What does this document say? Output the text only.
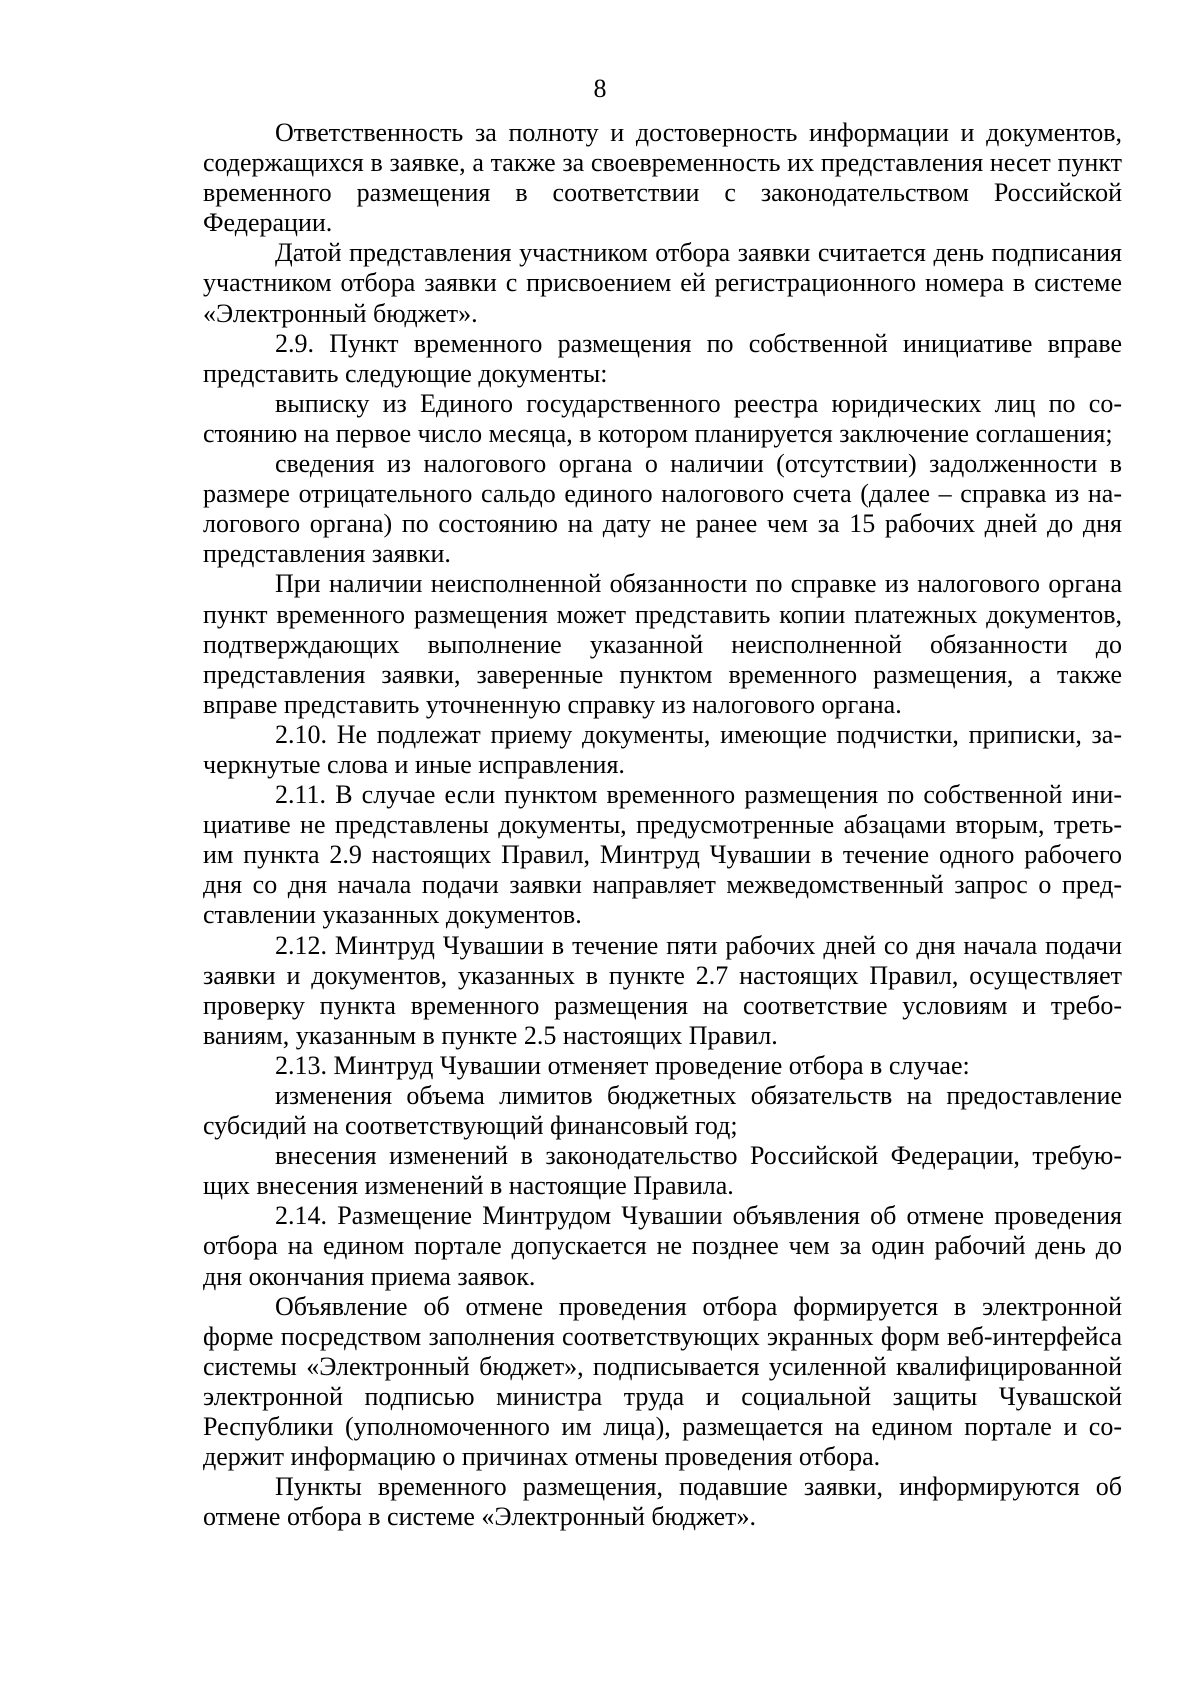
8

Ответственность за полноту и достоверность информации и документов, содержащихся в заявке, а также за своевременность их представления несет пункт временного размещения в соответствии с законодательством Российской Федерации.

Датой представления участником отбора заявки считается день подписания участником отбора заявки с присвоением ей регистрационного номера в системе «Электронный бюджет».

2.9. Пункт временного размещения по собственной инициативе вправе представить следующие документы:

выписку из Единого государственного реестра юридических лиц по состоянию на первое число месяца, в котором планируется заключение соглашения;

сведения из налогового органа о наличии (отсутствии) задолженности в размере отрицательного сальдо единого налогового счета (далее – справка из налогового органа) по состоянию на дату не ранее чем за 15 рабочих дней до дня представления заявки.

При наличии неисполненной обязанности по справке из налогового органа пункт временного размещения может представить копии платежных документов, подтверждающих выполнение указанной неисполненной обязанности до представления заявки, заверенные пунктом временного размещения, а также вправе представить уточненную справку из налогового органа.

2.10. Не подлежат приему документы, имеющие подчистки, приписки, зачеркнутые слова и иные исправления.

2.11. В случае если пунктом временного размещения по собственной инициативе не представлены документы, предусмотренные абзацами вторым, третьим пункта 2.9 настоящих Правил, Минтруд Чувашии в течение одного рабочего дня со дня начала подачи заявки направляет межведомственный запрос о представлении указанных документов.

2.12. Минтруд Чувашии в течение пяти рабочих дней со дня начала подачи заявки и документов, указанных в пункте 2.7 настоящих Правил, осуществляет проверку пункта временного размещения на соответствие условиям и требованиям, указанным в пункте 2.5 настоящих Правил.

2.13. Минтруд Чувашии отменяет проведение отбора в случае:

изменения объема лимитов бюджетных обязательств на предоставление субсидий на соответствующий финансовый год;

внесения изменений в законодательство Российской Федерации, требующих внесения изменений в настоящие Правила.

2.14. Размещение Минтрудом Чувашии объявления об отмене проведения отбора на едином портале допускается не позднее чем за один рабочий день до дня окончания приема заявок.

Объявление об отмене проведения отбора формируется в электронной форме посредством заполнения соответствующих экранных форм веб-интерфейса системы «Электронный бюджет», подписывается усиленной квалифицированной электронной подписью министра труда и социальной защиты Чувашской Республики (уполномоченного им лица), размещается на едином портале и содержит информацию о причинах отмены проведения отбора.

Пункты временного размещения, подавшие заявки, информируются об отмене отбора в системе «Электронный бюджет».
